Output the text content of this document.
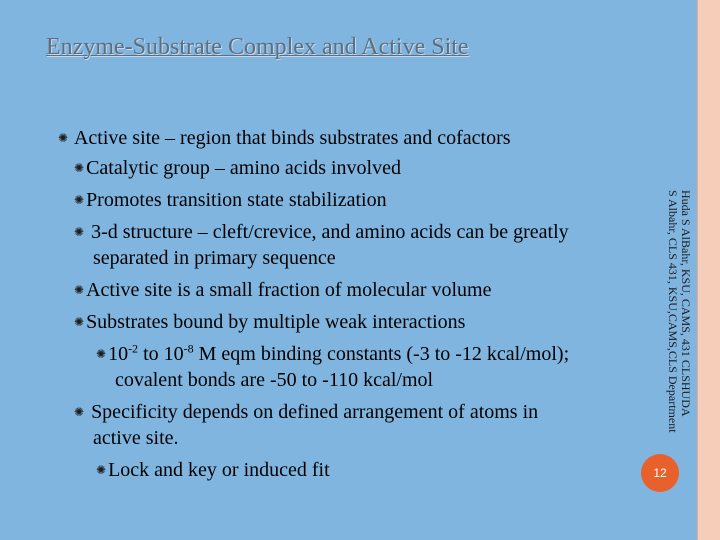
Enzyme-Substrate Complex and Active Site
✺ Active site – region that binds substrates and cofactors
✺ Catalytic group – amino acids involved
✺ Promotes transition state stabilization
✺ 3-d structure – cleft/crevice, and amino acids can be greatly
separated in primary sequence
✺ Active site is a small fraction of molecular volume
✺ Substrates bound by multiple weak interactions
✺ $10^{-2}$ to $10^{-8}$ M eqm binding constants (-3 to -12 kcal/mol);
covalent bonds are -50 to -110 kcal/mol
✺ Specificity depends on defined arrangement of atoms in
active site.
✺ Lock and key or induced fit
Huda S AlBahr, KSU, CAMS, 431 CLSHUDA
S Albahr, CLS 431, KSU,CAMS,CLS Department
12
